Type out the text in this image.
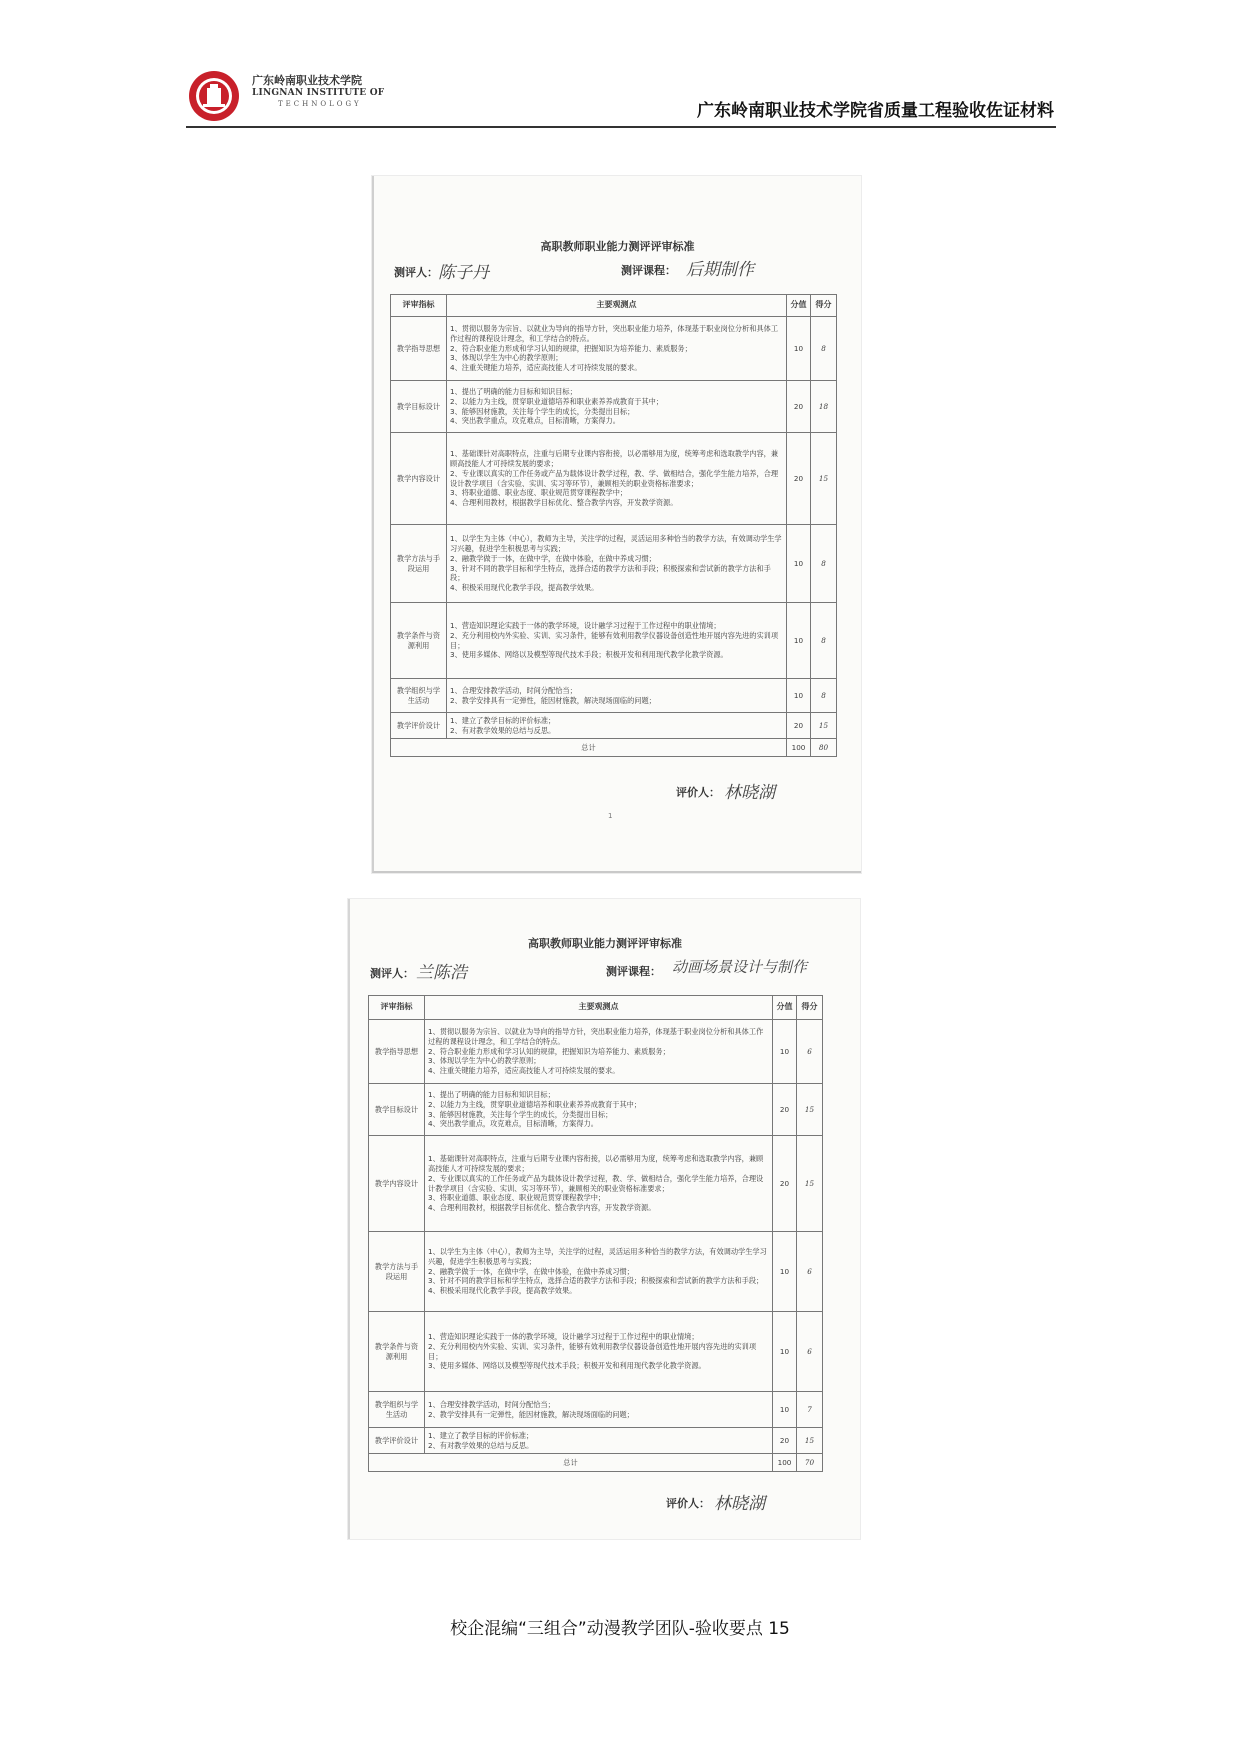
广东岭南职业技术学院
LINGNAN INSTITUTE OF
TECHNOLOGY	广东岭南职业技术学院省质量工程验收佐证材料
高职教师职业能力测评评审标准
测评人： 陈子丹	测评课程： 后期制作
评审指标	主要观测点	分值	得分
教学指导思想	1、贯彻以服务为宗旨、以就业为导向的指导方针，突出职业能力培养，体现基于职业岗位分析和具体工作过程的课程设计理念，和工学结合的特点。
2、符合职业能力形成和学习认知的规律，把握知识为培养能力、素质服务；
3、体现以学生为中心的教学原则；
4、注重关键能力培养，适应高技能人才可持续发展的要求。	10	8
教学目标设计	1、提出了明确的能力目标和知识目标；
2、以能力为主线，贯穿职业道德培养和职业素养养成教育于其中；
3、能够因材施教，关注每个学生的成长，分类提出目标；
4、突出教学重点，攻克难点，目标清晰，方案得力。	20	18
教学内容设计	1、基础课针对高职特点，注重与后期专业课内容衔接，以必需够用为度，统筹考虑和选取教学内容，兼顾高技能人才可持续发展的要求；
2、专业课以真实的工作任务或产品为载体设计教学过程，教、学、做相结合，强化学生能力培养，合理设计教学项目（含实验、实训、实习等环节），兼顾相关的职业资格标准要求；
3、将职业道德、职业态度、职业规范贯穿课程教学中；
4、合理利用教材，根据教学目标优化、整合教学内容，开发教学资源。	20	15
教学方法与手段运用	1、以学生为主体（中心），教师为主导，关注学的过程，灵活运用多种恰当的教学方法，有效调动学生学习兴趣，促进学生积极思考与实践；
2、融教学做于一体，在做中学，在做中体验，在做中养成习惯；
3、针对不同的教学目标和学生特点，选择合适的教学方法和手段；积极探索和尝试新的教学方法和手段；
4、积极采用现代化教学手段，提高教学效果。	10	8
教学条件与资源利用	1、营造知识理论实践于一体的教学环境，设计融学习过程于工作过程中的职业情境；
2、充分利用校内外实验、实训、实习条件，能够有效利用教学仪器设备创造性地开展内容先进的实训项目；
3、使用多媒体、网络以及模型等现代技术手段；积极开发和利用现代教学化教学资源。	10	8
教学组织与学生活动	1、合理安排教学活动，时间分配恰当；
2、教学安排具有一定弹性，能因材施教，解决现场面临的问题；	10	8
教学评价设计	1、建立了教学目标的评价标准；
2、有对教学效果的总结与反思。	20	15
总计		100	80
评价人： 林晓湖
1
高职教师职业能力测评评审标准
测评人： 兰陈浩	测评课程： 动画场景设计与制作
评审指标	主要观测点	分值	得分
教学指导思想	1、贯彻以服务为宗旨、以就业为导向的指导方针，突出职业能力培养，体现基于职业岗位分析和具体工作过程的课程设计理念，和工学结合的特点。
2、符合职业能力形成和学习认知的规律，把握知识为培养能力、素质服务；
3、体现以学生为中心的教学原则；
4、注重关键能力培养，适应高技能人才可持续发展的要求。	10	6
教学目标设计	1、提出了明确的能力目标和知识目标；
2、以能力为主线，贯穿职业道德培养和职业素养养成教育于其中；
3、能够因材施教，关注每个学生的成长，分类提出目标；
4、突出教学重点，攻克难点，目标清晰，方案得力。	20	15
教学内容设计	1、基础课针对高职特点，注重与后期专业课内容衔接，以必需够用为度，统筹考虑和选取教学内容，兼顾高技能人才可持续发展的要求；
2、专业课以真实的工作任务或产品为载体设计教学过程，教、学、做相结合，强化学生能力培养，合理设计教学项目（含实验、实训、实习等环节），兼顾相关的职业资格标准要求；
3、将职业道德、职业态度、职业规范贯穿课程教学中；
4、合理利用教材，根据教学目标优化、整合教学内容，开发教学资源。	20	15
教学方法与手段运用	1、以学生为主体（中心），教师为主导，关注学的过程，灵活运用多种恰当的教学方法，有效调动学生学习兴趣，促进学生积极思考与实践；
2、融教学做于一体，在做中学，在做中体验，在做中养成习惯；
3、针对不同的教学目标和学生特点，选择合适的教学方法和手段；积极探索和尝试新的教学方法和手段；
4、积极采用现代化教学手段，提高教学效果。	10	6
教学条件与资源利用	1、营造知识理论实践于一体的教学环境，设计融学习过程于工作过程中的职业情境；
2、充分利用校内外实验、实训、实习条件，能够有效利用教学仪器设备创造性地开展内容先进的实训项目；
3、使用多媒体、网络以及模型等现代技术手段；积极开发和利用现代教学化教学资源。	10	6
教学组织与学生活动	1、合理安排教学活动，时间分配恰当；
2、教学安排具有一定弹性，能因材施教，解决现场面临的问题；	10	7
教学评价设计	1、建立了教学目标的评价标准；
2、有对教学效果的总结与反思。	20	15
总计		100	70
评价人： 林晓湖
校企混编“三组合”动漫教学团队-验收要点 15
